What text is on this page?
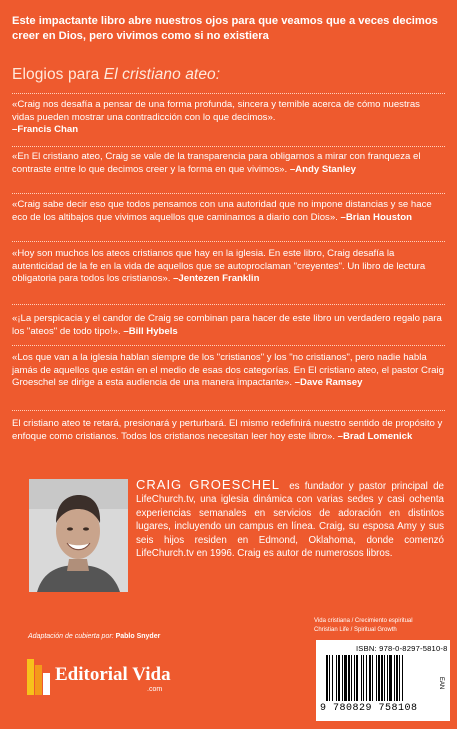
Este impactante libro abre nuestros ojos para que veamos que a veces decimos creer en Dios, pero vivimos como si no existiera
Elogios para El cristiano ateo:
«Craig nos desafía a pensar de una forma profunda, sincera y temible acerca de cómo nuestras vidas pueden mostrar una contradicción con lo que decimos».
–Francis Chan
«En El cristiano ateo, Craig se vale de la transparencia para obligarnos a mirar con franqueza el contraste entre lo que decimos creer y la forma en que vivimos». –Andy Stanley
«Craig sabe decir eso que todos pensamos con una autoridad que no impone distancias y se hace eco de los altibajos que vivimos aquellos que caminamos a diario con Dios». –Brian Houston
«Hoy son muchos los ateos cristianos que hay en la iglesia. En este libro, Craig desafía la autenticidad de la fe en la vida de aquellos que se autoproclaman "creyentes". Un libro de lectura obligatoria para todos los cristianos». –Jentezen Franklin
«¡La perspicacia y el candor de Craig se combinan para hacer de este libro un verdadero regalo para los "ateos" de todo tipo!». –Bill Hybels
«Los que van a la iglesia hablan siempre de los "cristianos" y los "no cristianos", pero nadie habla jamás de aquellos que están en el medio de esas dos categorías. En El cristiano ateo, el pastor Craig Groeschel se dirige a esta audiencia de una manera impactante». –Dave Ramsey
El cristiano ateo te retará, presionará y perturbará. El mismo redefinirá nuestro sentido de propósito y enfoque como cristianos. Todos los cristianos necesitan leer hoy este libro». –Brad Lomenick
CRAIG GROESCHEL es fundador y pastor principal de LifeChurch.tv, una iglesia dinámica con varias sedes y casi ochenta experiencias semanales en servicios de adoración en distintos lugares, incluyendo un campus en línea. Craig, su esposa Amy y sus seis hijos residen en Edmond, Oklahoma, donde comenzó LifeChurch.tv en 1996. Craig es autor de numerosos libros.
Vida cristiana / Crecimiento espiritual
Christian Life / Spiritual Growth
Adaptación de cubierta por: Pablo Snyder
Editorial Vida
.com
ISBN: 978-0-8297-5810-8
EAN
9 780829 758108
